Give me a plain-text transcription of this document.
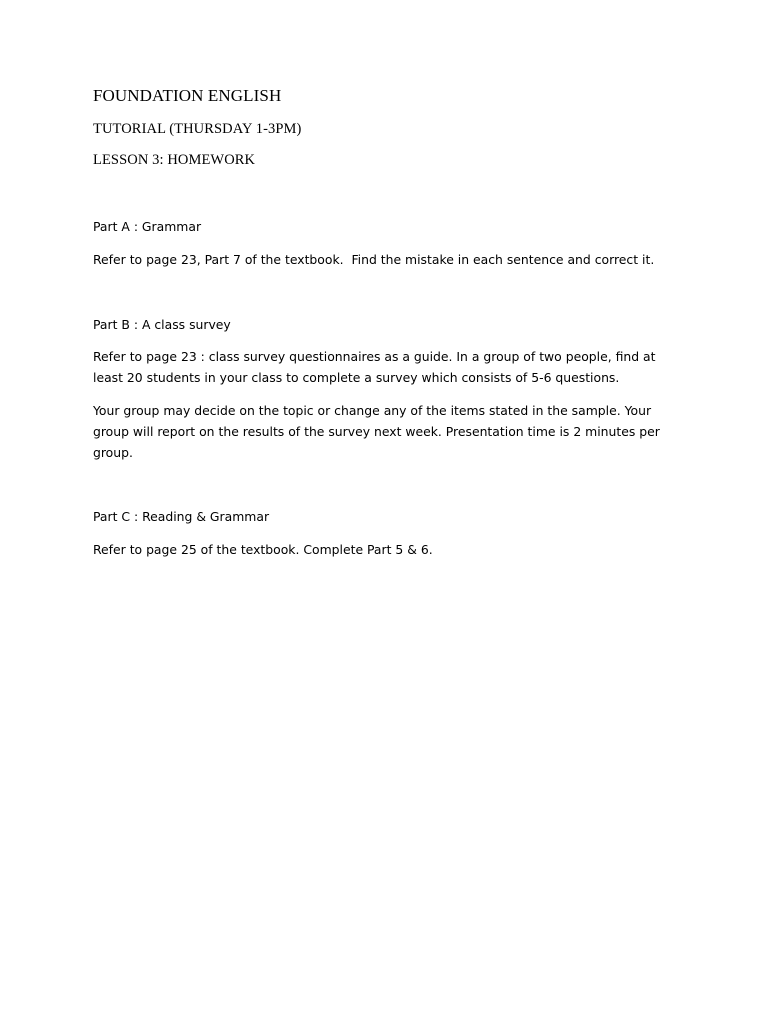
FOUNDATION ENGLISH
TUTORIAL (THURSDAY 1-3PM)
LESSON 3: HOMEWORK

Part A : Grammar

Refer to page 23, Part 7 of the textbook.  Find the mistake in each sentence and correct it.

Part B : A class survey

Refer to page 23 : class survey questionnaires as a guide. In a group of two people, find at least 20 students in your class to complete a survey which consists of 5-6 questions.

Your group may decide on the topic or change any of the items stated in the sample. Your group will report on the results of the survey next week. Presentation time is 2 minutes per group.

Part C : Reading & Grammar

Refer to page 25 of the textbook. Complete Part 5 & 6.
